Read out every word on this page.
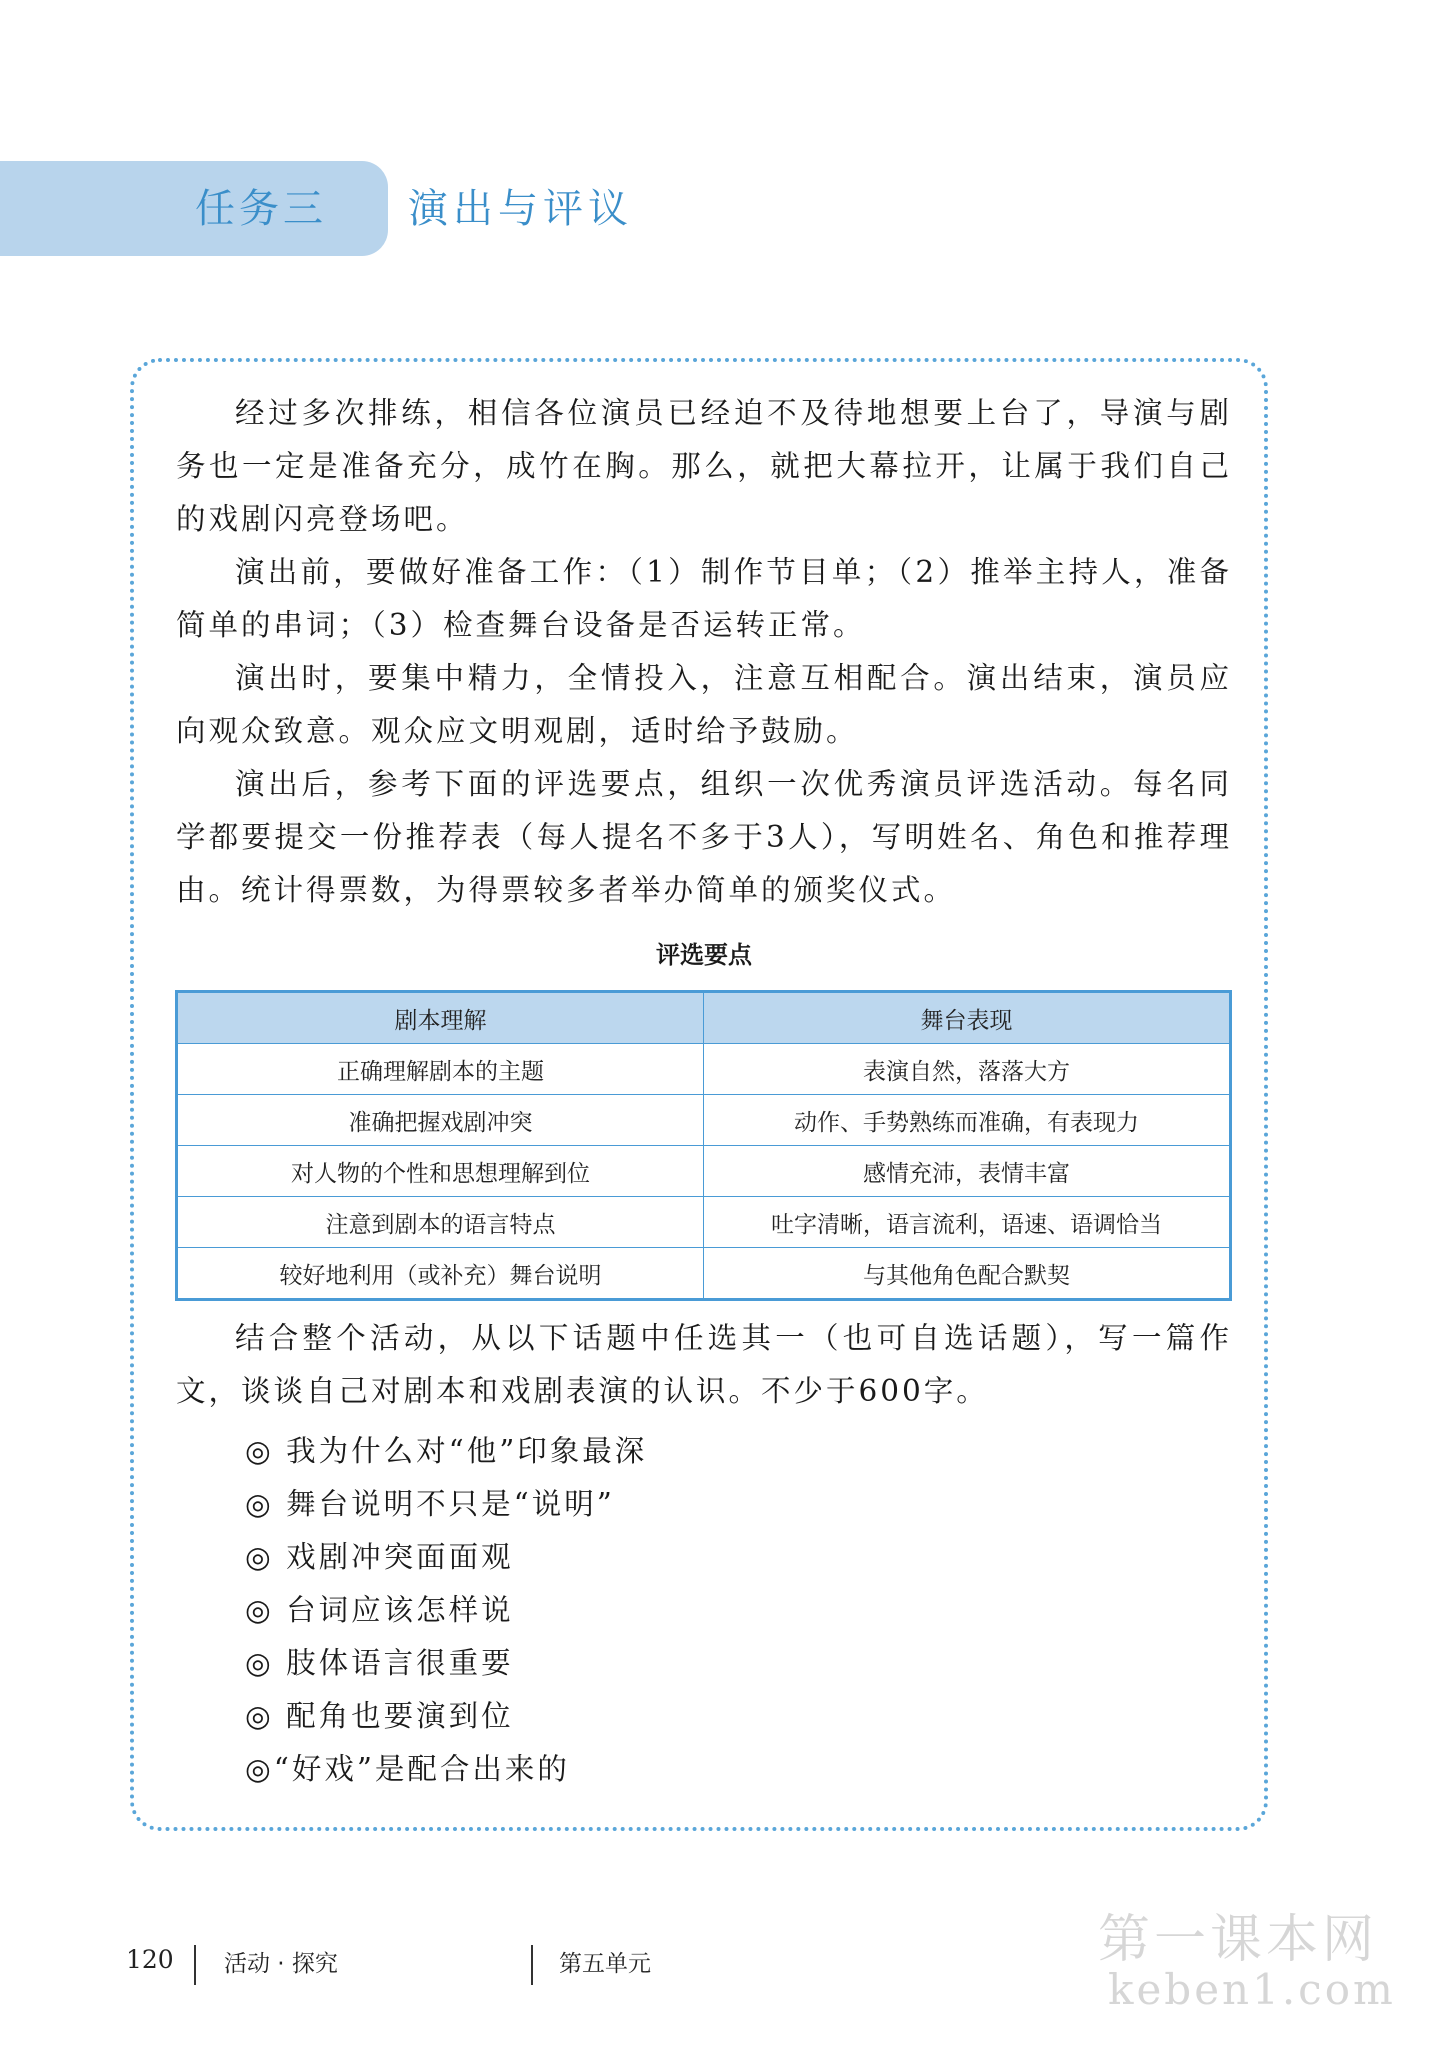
任务三 演出与评议

经过多次排练，相信各位演员已经迫不及待地想要上台了，导演与剧务也一定是准备充分，成竹在胸。那么，就把大幕拉开，让属于我们自己的戏剧闪亮登场吧。

演出前，要做好准备工作：（1）制作节目单；（2）推举主持人，准备简单的串词；（3）检查舞台设备是否运转正常。

演出时，要集中精力，全情投入，注意互相配合。演出结束，演员应向观众致意。观众应文明观剧，适时给予鼓励。

演出后，参考下面的评选要点，组织一次优秀演员评选活动。每名同学都要提交一份推荐表（每人提名不多于3人），写明姓名、角色和推荐理由。统计得票数，为得票较多者举办简单的颁奖仪式。

评选要点
剧本理解	舞台表现
正确理解剧本的主题	表演自然，落落大方
准确把握戏剧冲突	动作、手势熟练而准确，有表现力
对人物的个性和思想理解到位	感情充沛，表情丰富
注意到剧本的语言特点	吐字清晰，语言流利，语速、语调恰当
较好地利用（或补充）舞台说明	与其他角色配合默契

结合整个活动，从以下话题中任选其一（也可自选话题），写一篇作文，谈谈自己对剧本和戏剧表演的认识。不少于600字。

◎ 我为什么对“他”印象最深
◎ 舞台说明不只是“说明”
◎ 戏剧冲突面面观
◎ 台词应该怎样说
◎ 肢体语言很重要
◎ 配角也要演到位
◎“好戏”是配合出来的
120 活动 · 探究	第五单元	第一课本网
keben1.com
